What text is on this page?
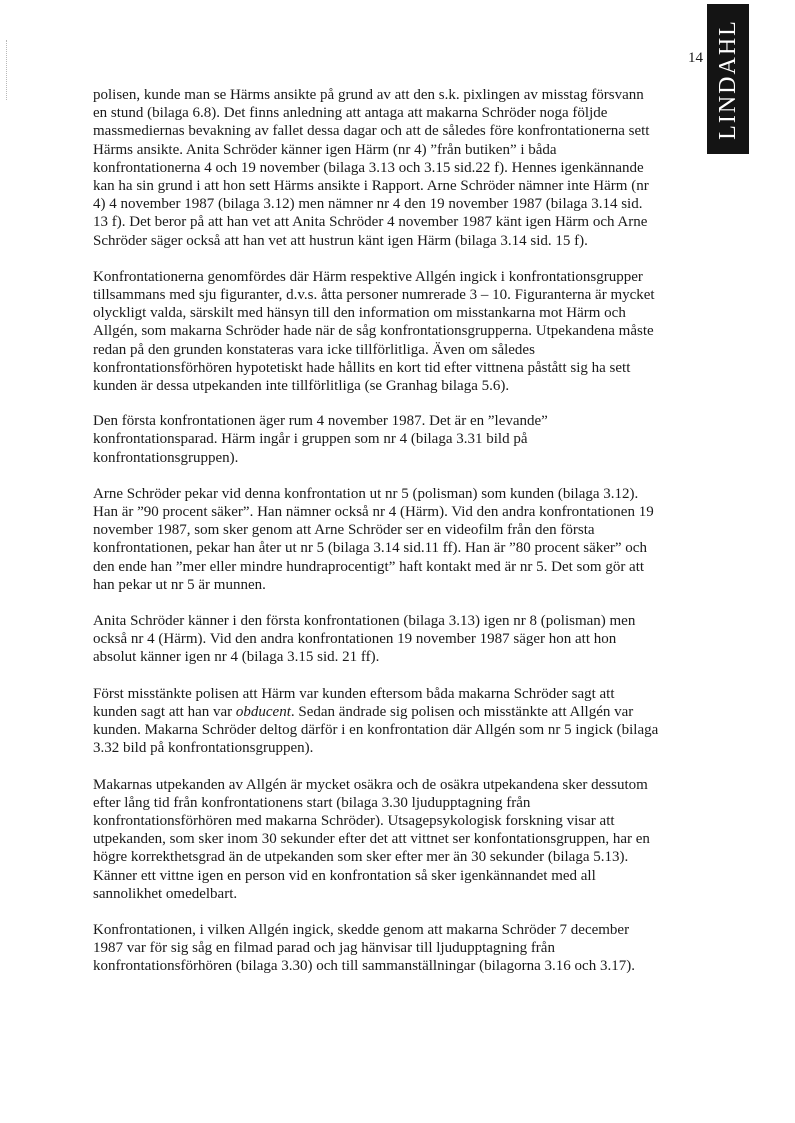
14 LINDAHL

polisen, kunde man se Härms ansikte på grund av att den s.k. pixlingen av misstag försvann
en stund (bilaga 6.8). Det finns anledning att antaga att makarna Schröder noga följde
massmediernas bevakning av fallet dessa dagar och att de således före konfrontationerna sett
Härms ansikte. Anita Schröder känner igen Härm (nr 4) ”från butiken” i båda
konfrontationerna 4 och 19 november (bilaga 3.13 och 3.15 sid.22 f). Hennes igenkännande
kan ha sin grund i att hon sett Härms ansikte i Rapport. Arne Schröder nämner inte Härm (nr
4) 4 november 1987 (bilaga 3.12) men nämner nr 4 den 19 november 1987 (bilaga 3.14 sid.
13 f). Det beror på att han vet att Anita Schröder 4 november 1987 känt igen Härm och Arne
Schröder säger också att han vet att hustrun känt igen Härm (bilaga 3.14 sid. 15 f).

Konfrontationerna genomfördes där Härm respektive Allgén ingick i konfrontationsgrupper
tillsammans med sju figuranter, d.v.s. åtta personer numrerade 3 – 10. Figuranterna är mycket
olyckligt valda, särskilt med hänsyn till den information om misstankarna mot Härm och
Allgén, som makarna Schröder hade när de såg konfrontationsgrupperna. Utpekandena måste
redan på den grunden konstateras vara icke tillförlitliga. Även om således
konfrontationsförhören hypotetiskt hade hållits en kort tid efter vittnena påstått sig ha sett
kunden är dessa utpekanden inte tillförlitliga (se Granhag bilaga 5.6).

Den första konfrontationen äger rum 4 november 1987. Det är en ”levande”
konfrontationsparad. Härm ingår i gruppen som nr 4 (bilaga 3.31 bild på
konfrontationsgruppen).

Arne Schröder pekar vid denna konfrontation ut nr 5 (polisman) som kunden (bilaga 3.12).
Han är ”90 procent säker”. Han nämner också nr 4 (Härm). Vid den andra konfrontationen 19
november 1987, som sker genom att Arne Schröder ser en videofilm från den första
konfrontationen, pekar han åter ut nr 5 (bilaga 3.14 sid.11 ff). Han är ”80 procent säker” och
den ende han ”mer eller mindre hundraprocentigt” haft kontakt med är nr 5. Det som gör att
han pekar ut nr 5 är munnen.

Anita Schröder känner i den första konfrontationen (bilaga 3.13) igen nr 8 (polisman) men
också nr 4 (Härm). Vid den andra konfrontationen 19 november 1987 säger hon att hon
absolut känner igen nr 4 (bilaga 3.15 sid. 21 ff).

Först misstänkte polisen att Härm var kunden eftersom båda makarna Schröder sagt att
kunden sagt att han var obducent. Sedan ändrade sig polisen och misstänkte att Allgén var
kunden. Makarna Schröder deltog därför i en konfrontation där Allgén som nr 5 ingick (bilaga
3.32 bild på konfrontationsgruppen).

Makarnas utpekanden av Allgén är mycket osäkra och de osäkra utpekandena sker dessutom
efter lång tid från konfrontationens start (bilaga 3.30 ljudupptagning från
konfrontationsförhören med makarna Schröder). Utsagepsykologisk forskning visar att
utpekanden, som sker inom 30 sekunder efter det att vittnet ser konfontationsgruppen, har en
högre korrekthetsgrad än de utpekanden som sker efter mer än 30 sekunder (bilaga 5.13).
Känner ett vittne igen en person vid en konfrontation så sker igenkännandet med all
sannolikhet omedelbart.

Konfrontationen, i vilken Allgén ingick, skedde genom att makarna Schröder 7 december
1987 var för sig såg en filmad parad och jag hänvisar till ljudupptagning från
konfrontationsförhören (bilaga 3.30) och till sammanställningar (bilagorna 3.16 och 3.17).
